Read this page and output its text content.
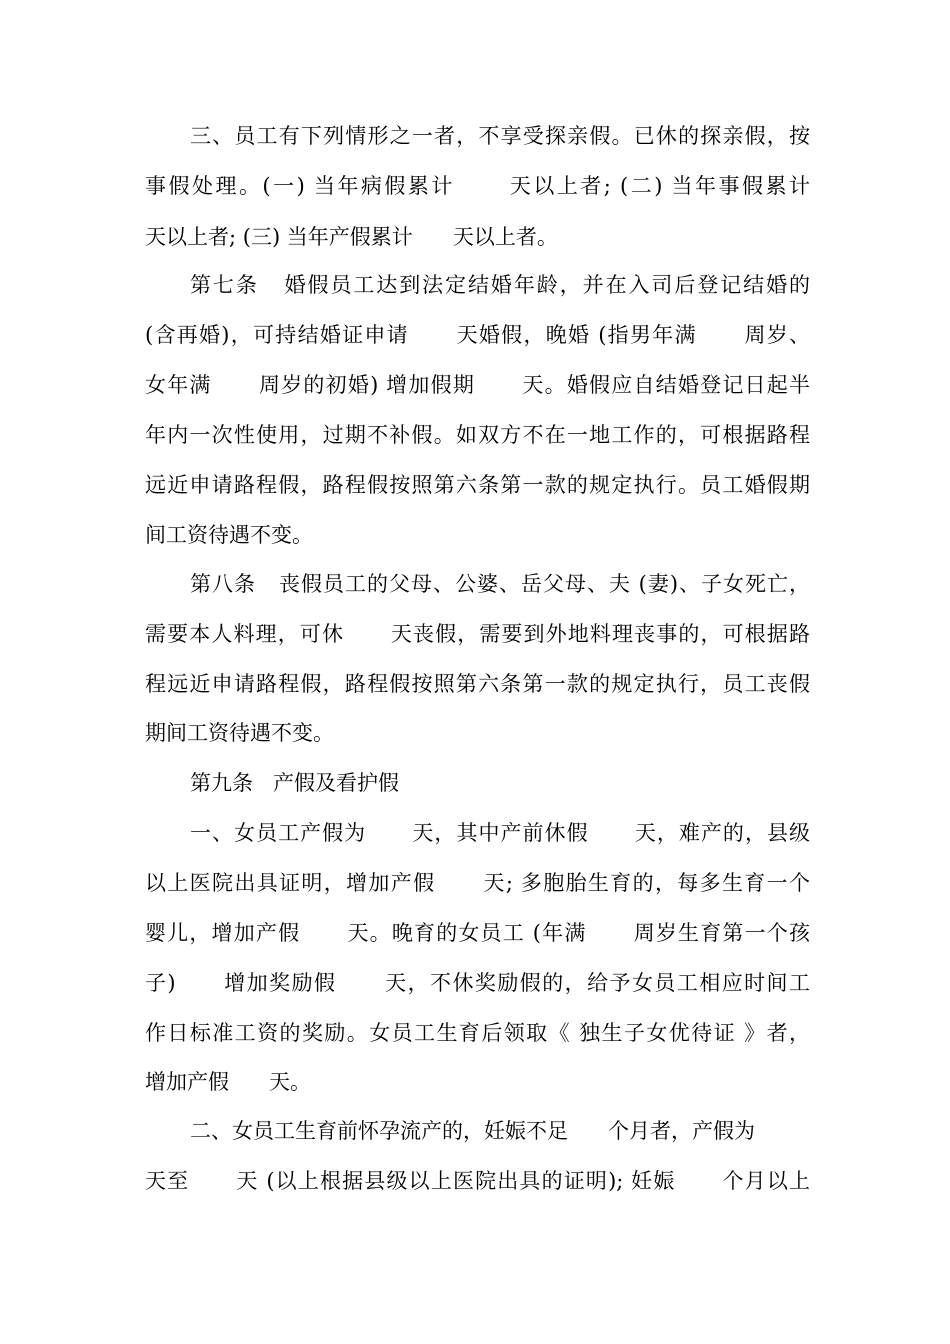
三、员工有下列情形之一者，不享受探亲假。已休的探亲假，按
事假处理。(一) 当年病假累计      天以上者; (二) 当年事假累计
天以上者; (三) 当年产假累计      天以上者。
第七条   婚假员工达到法定结婚年龄，并在入司后登记结婚的
(含再婚)，可持结婚证申请      天婚假，晚婚 (指男年满      周岁、
女年满      周岁的初婚) 增加假期      天。婚假应自结婚登记日起半
年内一次性使用，过期不补假。如双方不在一地工作的，可根据路程
远近申请路程假，路程假按照第六条第一款的规定执行。员工婚假期
间工资待遇不变。
第八条   丧假员工的父母、公婆、岳父母、夫 (妻)、子女死亡，
需要本人料理，可休      天丧假，需要到外地料理丧事的，可根据路
程远近申请路程假，路程假按照第六条第一款的规定执行，员工丧假
期间工资待遇不变。
第九条   产假及看护假
一、女员工产假为      天，其中产前休假      天，难产的，县级
以上医院出具证明，增加产假      天; 多胞胎生育的，每多生育一个
婴儿，增加产假      天。晚育的女员工 (年满      周岁生育第一个孩
子)      增加奖励假      天，不休奖励假的，给予女员工相应时间工
作日标准工资的奖励。女员工生育后领取《 独生子女优待证 》者，
增加产假      天。
二、女员工生育前怀孕流产的，妊娠不足      个月者，产假为
天至      天 (以上根据县级以上医院出具的证明); 妊娠      个月以上
